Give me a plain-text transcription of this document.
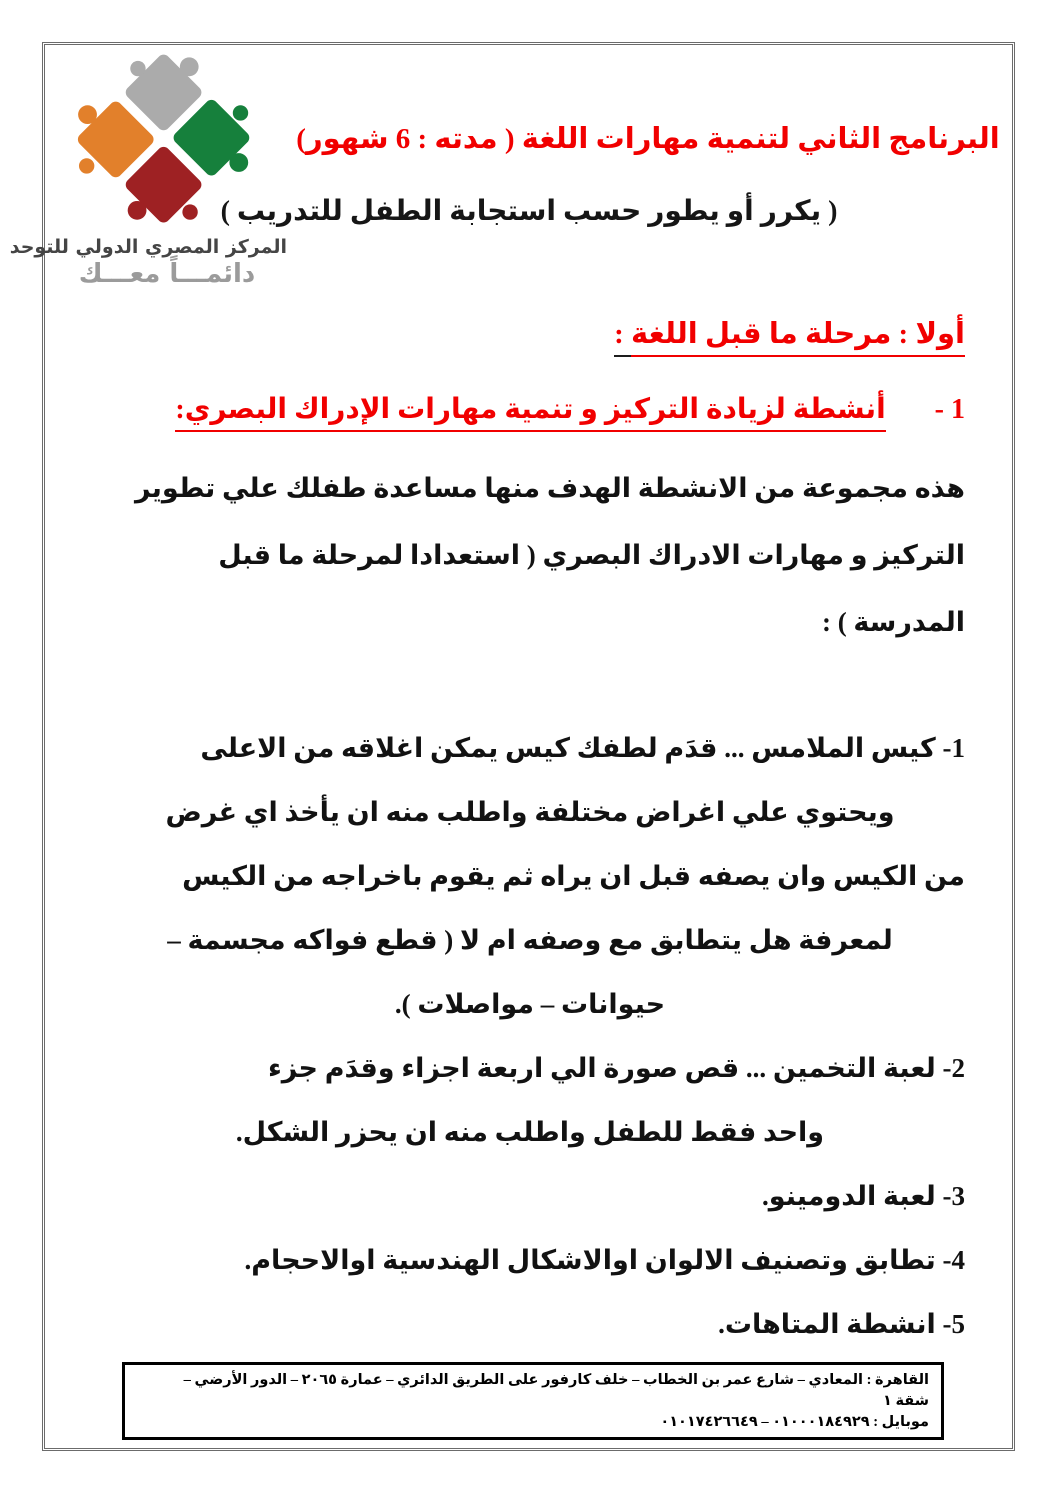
المركز المصري الدولي للتوحد
دائمـــاً معـــك
البرنامج الثاني لتنمية مهارات اللغة ( مدته : 6 شهور)
( يكرر أو يطور حسب استجابة الطفل للتدريب )
أولا : مرحلة ما قبل اللغة :
1 - أنشطة لزيادة التركيز و تنمية مهارات الإدراك البصري:
هذه مجموعة من الانشطة الهدف منها مساعدة طفلك علي تطوير
التركيز و مهارات الادراك البصري ( استعدادا لمرحلة ما قبل
المدرسة ) :
1- كيس الملامس ... قدَم لطفك كيس يمكن اغلاقه من الاعلى
ويحتوي علي اغراض مختلفة واطلب منه ان يأخذ اي غرض
من الكيس وان يصفه قبل ان يراه ثم يقوم باخراجه من الكيس
لمعرفة هل يتطابق مع وصفه ام لا ( قطع فواكه مجسمة –
حيوانات – مواصلات ).
2- لعبة التخمين ... قص صورة الي اربعة اجزاء وقدَم جزء
واحد فقط للطفل واطلب منه ان يحزر الشكل.
3- لعبة الدومينو.
4- تطابق وتصنيف الالوان اوالاشكال الهندسية اوالاحجام.
5- انشطة المتاهات.
القاهرة : المعادي – شارع عمر بن الخطاب – خلف كارفور على الطريق الدائري – عمارة ٢٠٦٥ – الدور الأرضي –
شقة ١
موبايل : ٠١٠٠٠١٨٤٩٢٩ – ٠١٠١٧٤٢٦٦٤٩
